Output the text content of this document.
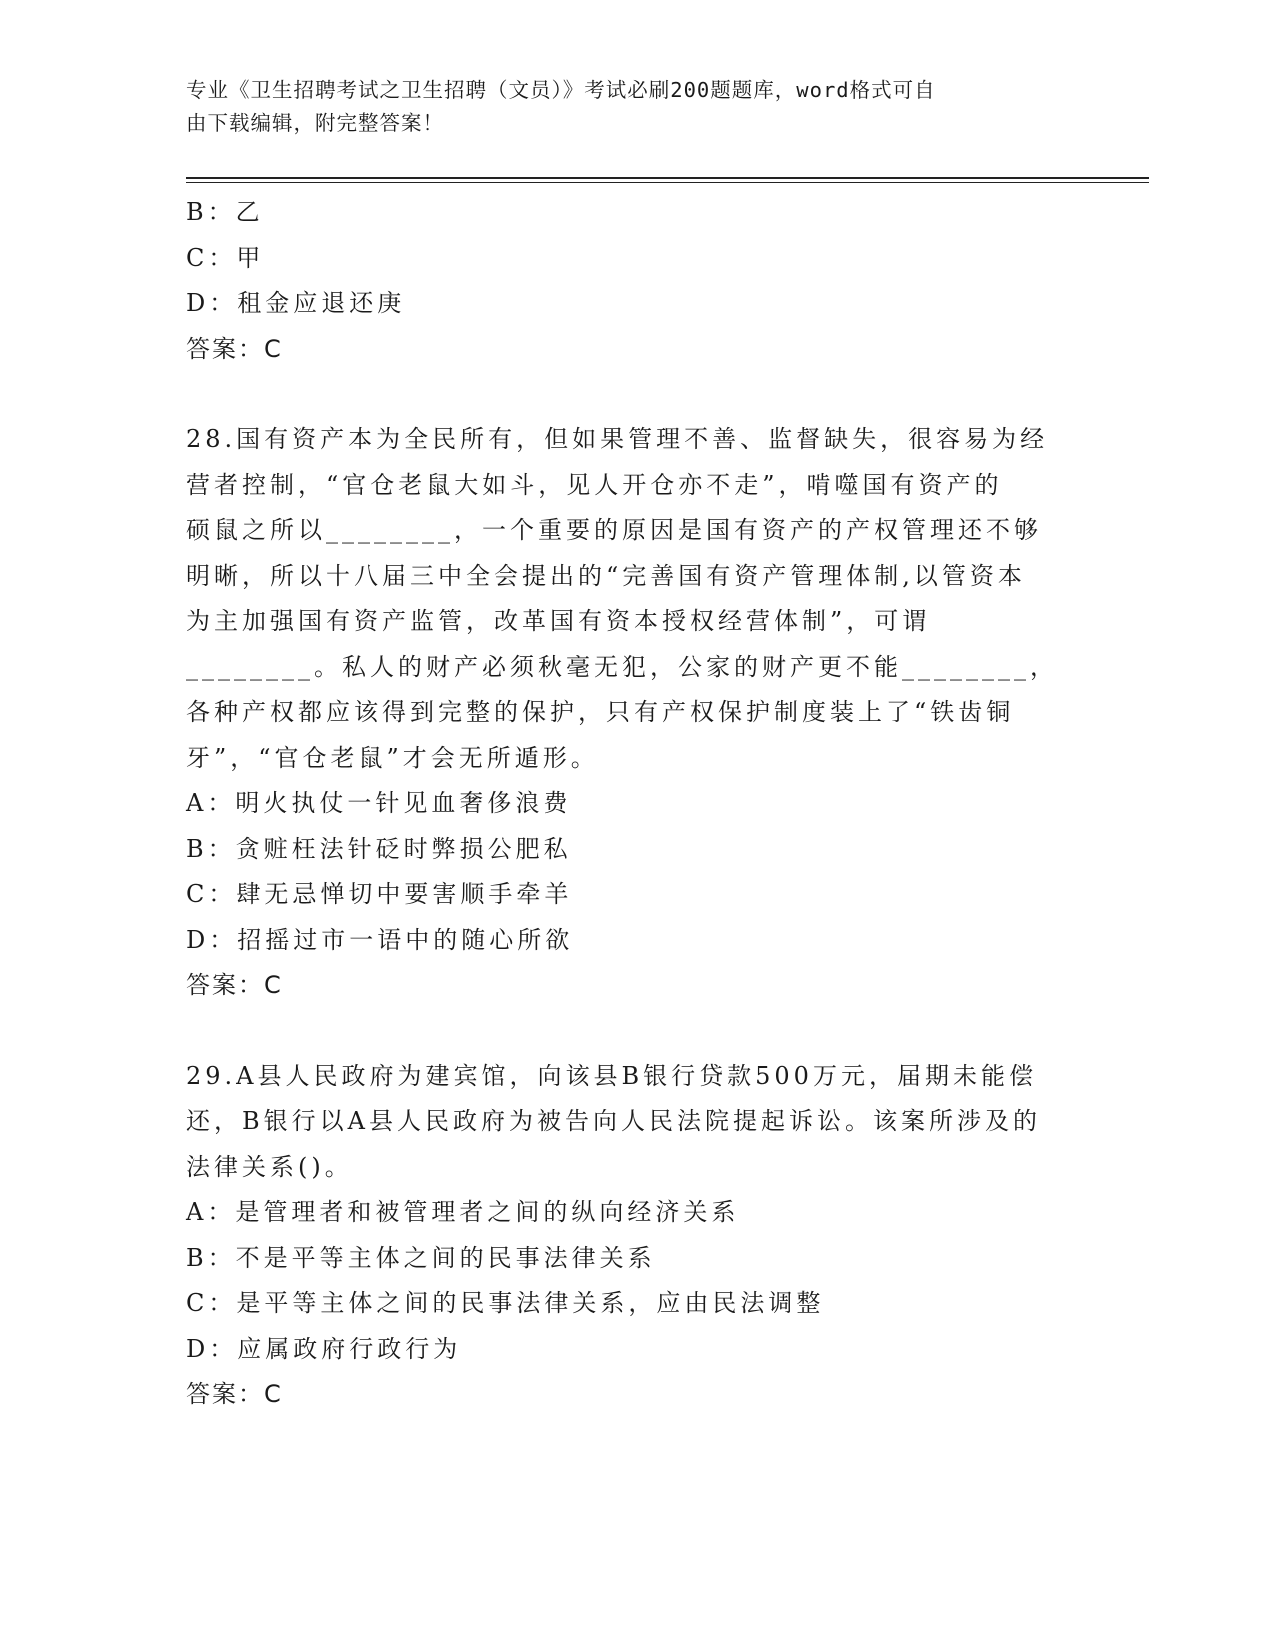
专业《卫生招聘考试之卫生招聘（文员）》考试必刷200题题库，word格式可自
由下载编辑，附完整答案！
B：乙
C：甲
D：租金应退还庚
答案：C
28.国有资产本为全民所有，但如果管理不善、监督缺失，很容易为经
营者控制，“官仓老鼠大如斗，见人开仓亦不走”，啃噬国有资产的
硕鼠之所以________，一个重要的原因是国有资产的产权管理还不够
明晰，所以十八届三中全会提出的“完善国有资产管理体制,以管资本
为主加强国有资产监管，改革国有资本授权经营体制”，可谓
________。私人的财产必须秋毫无犯，公家的财产更不能________，
各种产权都应该得到完整的保护，只有产权保护制度装上了“铁齿铜
牙”，“官仓老鼠”才会无所遁形。
A：明火执仗一针见血奢侈浪费
B：贪赃枉法针砭时弊损公肥私
C：肆无忌惮切中要害顺手牵羊
D：招摇过市一语中的随心所欲
答案：C
29.A县人民政府为建宾馆，向该县B银行贷款500万元，届期未能偿
还，B银行以A县人民政府为被告向人民法院提起诉讼。该案所涉及的
法律关系()。
A：是管理者和被管理者之间的纵向经济关系
B：不是平等主体之间的民事法律关系
C：是平等主体之间的民事法律关系，应由民法调整
D：应属政府行政行为
答案：C
